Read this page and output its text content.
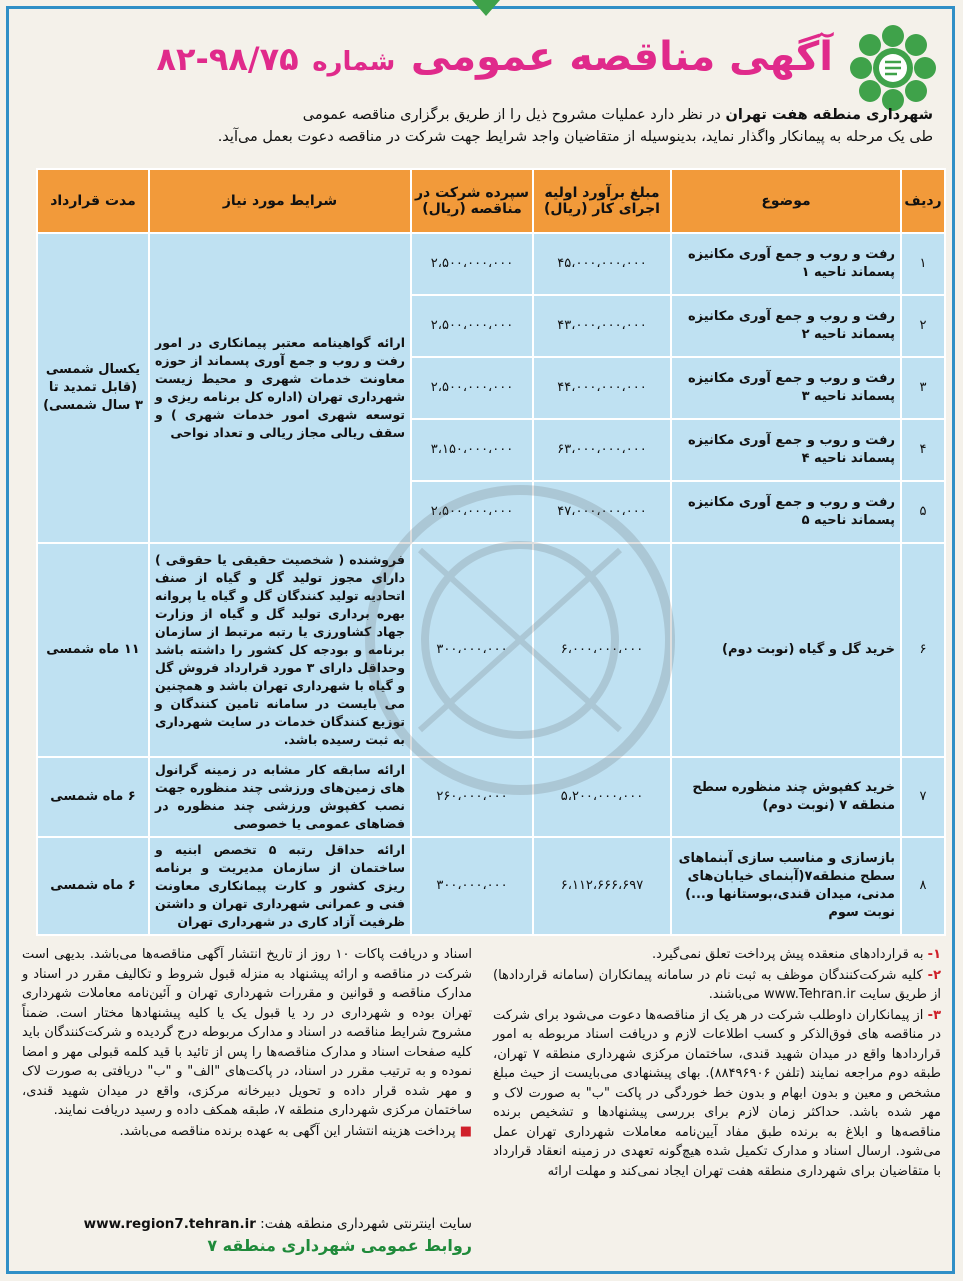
آگهی مناقصه عمومی شماره ۸۲-۹۸/۷۵
شهرداری منطقه هفت تهران در نظر دارد عملیات مشروح ذیل را از طریق برگزاری مناقصه عمومی
طی یک مرحله به پیمانکار واگذار نماید، بدینوسیله از متقاضیان واجد شرایط جهت شرکت در مناقصه دعوت بعمل می‌آید.
ردیف	موضوع	مبلغ برآورد اولیه اجرای کار (ریال)	سپرده شرکت در مناقصه (ریال)	شرایط مورد نیاز	مدت قرارداد
۱	رفت و روب و جمع آوری مکانیزه پسماند ناحیه ۱	۴۵،۰۰۰،۰۰۰،۰۰۰	۲،۵۰۰،۰۰۰،۰۰۰	ارائه گواهینامه معتبر پیمانکاری در امور رفت و روب و جمع آوری پسماند از حوزه معاونت خدمات شهری و محیط زیست شهرداری تهران (اداره کل برنامه ریزی و توسعه شهری امور خدمات شهری ) و سقف ریالی مجاز ریالی و تعداد نواحی	یکسال شمسی (قابل تمدید تا ۳ سال شمسی)
۲	رفت و روب و جمع آوری مکانیزه پسماند ناحیه ۲	۴۳،۰۰۰،۰۰۰،۰۰۰	۲،۵۰۰،۰۰۰،۰۰۰		
۳	رفت و روب و جمع آوری مکانیزه پسماند ناحیه ۳	۴۴،۰۰۰،۰۰۰،۰۰۰	۲،۵۰۰،۰۰۰،۰۰۰		
۴	رفت و روب و جمع آوری مکانیزه پسماند ناحیه ۴	۶۳،۰۰۰،۰۰۰،۰۰۰	۳،۱۵۰،۰۰۰،۰۰۰		
۵	رفت و روب و جمع آوری مکانیزه پسماند ناحیه ۵	۴۷،۰۰۰،۰۰۰،۰۰۰	۲،۵۰۰،۰۰۰،۰۰۰		
۶	خرید گل و گیاه (نوبت دوم)	۶،۰۰۰،۰۰۰،۰۰۰	۳۰۰،۰۰۰،۰۰۰	فروشنده ( شخصیت حقیقی یا حقوقی ) دارای مجوز تولید گل و گیاه از صنف اتحادیه تولید کنندگان گل و گیاه یا پروانه بهره برداری تولید گل و گیاه از وزارت جهاد کشاورزی یا رتبه مرتبط از سازمان برنامه و بودجه کل کشور را داشته باشد وحداقل دارای ۳ مورد قرارداد فروش گل و گیاه با شهرداری تهران باشد و همچنین می بایست در سامانه تامین کنندگان و توزیع کنندگان خدمات در سایت شهرداری به ثبت رسیده باشد.	۱۱ ماه شمسی
۷	خرید کفپوش چند منظوره سطح منطقه ۷ (نوبت دوم)	۵،۲۰۰،۰۰۰،۰۰۰	۲۶۰،۰۰۰،۰۰۰	ارائه سابقه کار مشابه در زمینه گرانول های زمین‌های ورزشی چند منظوره جهت نصب کفپوش ورزشی چند منظوره در فضاهای عمومی یا خصوصی	۶ ماه شمسی
۸	بازسازی و مناسب سازی آبنماهای سطح منطقه۷(آبنمای خیابان‌های مدنی، میدان قندی،بوستانها و...) نوبت سوم	۶،۱۱۲،۶۶۶،۶۹۷	۳۰۰،۰۰۰،۰۰۰	ارائه حداقل رتبه ۵ تخصص ابنیه و ساختمان از سازمان مدیریت و برنامه ریزی کشور و کارت پیمانکاری معاونت فنی و عمرانی شهرداری تهران و داشتن ظرفیت آزاد کاری در شهرداری تهران	۶ ماه شمسی

۱- به قراردادهای منعقده پیش پرداخت تعلق نمی‌گیرد.

۲- کلیه شرکت‌کنندگان موظف به ثبت نام در سامانه پیمانکاران (سامانه قراردادها) از طریق سایت www.Tehran.ir می‌باشند.

۳- از پیمانکاران داوطلب شرکت در هر یک از مناقصه‌ها دعوت می‌شود برای شرکت در مناقصه های فوق‌الذکر و کسب اطلاعات لازم و دریافت اسناد مربوطه به امور قراردادها واقع در میدان شهید قندی، ساختمان مرکزی شهرداری منطقه ۷ تهران، طبقه دوم مراجعه نمایند (تلفن ۸۸۴۹۶۹۰۶). بهای پیشنهادی می‌بایست از حیث مبلغ مشخص و معین و بدون ابهام و بدون خط خوردگی در پاکت "ب" به صورت لاک و مهر شده باشد. حداکثر زمان لازم برای بررسی پیشنهادها و تشخیص برنده مناقصه‌ها و ابلاغ به برنده طبق مفاد آیین‌نامه معاملات شهرداری تهران عمل می‌شود. ارسال اسناد و مدارک تکمیل شده هیچ‌گونه تعهدی در زمینه انعقاد قرارداد با متقاضیان برای شهرداری منطقه هفت تهران ایجاد نمی‌کند و مهلت ارائه

اسناد و دریافت پاکات ۱۰ روز از تاریخ انتشار آگهی مناقصه‌ها می‌باشد. بدیهی است شرکت در مناقصه و ارائه پیشنهاد به منزله قبول شروط و تکالیف مقرر در اسناد و مدارک مناقصه و قوانین و مقررات شهرداری تهران و آئین‌نامه معاملات شهرداری تهران بوده و شهرداری در رد یا قبول یک یا کلیه پیشنهادها مختار است. ضمناً مشروح شرایط مناقصه در اسناد و مدارک مربوطه درج گردیده و شرکت‌کنندگان باید کلیه صفحات اسناد و مدارک مناقصه‌ها را پس از تائید با قید کلمه قبولی مهر و امضا نموده و به ترتیب مقرر در اسناد، در پاکت‌های "الف" و "ب" دریافتی به صورت لاک و مهر شده قرار داده و تحویل دبیرخانه مرکزی، واقع در میدان شهید قندی، ساختمان مرکزی شهرداری منطقه ۷، طبقه همکف داده و رسید دریافت نمایند.

■ پرداخت هزینه انتشار این آگهی به عهده برنده مناقصه می‌باشد.

سایت اینترنتی شهرداری منطقه هفت: www.region7.tehran.ir
روابط عمومی شهرداری منطقه ۷
